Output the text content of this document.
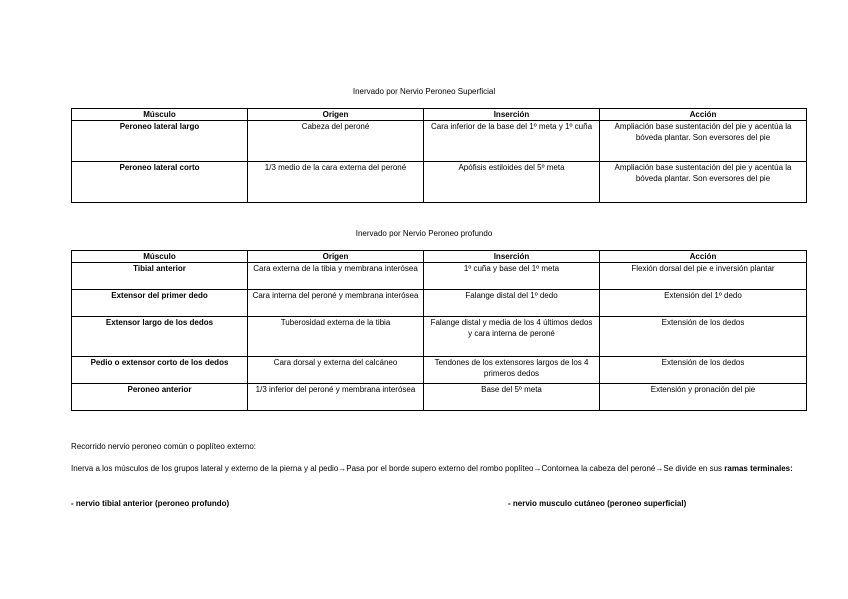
Inervado por Nervio Peroneo Superficial
Músculo	Origen	Inserción	Acción
Peroneo lateral largo	Cabeza del peroné	Cara inferior de la base del 1º meta y 1º cuña	Ampliación base sustentación del pie y acentúa la bóveda plantar. Son eversores del pie
Peroneo lateral corto	1/3 medio de la cara externa del peroné	Apófisis estiloides del 5º meta	Ampliación base sustentación del pie y acentúa la bóveda plantar. Son eversores del pie
Inervado por Nervio Peroneo profundo
Músculo	Origen	Inserción	Acción
Tibial anterior	Cara externa de la tibia y membrana interósea	1º cuña y base del 1º meta	Flexión dorsal del pie e inversión plantar
Extensor del primer dedo	Cara interna del peroné y membrana interósea	Falange distal del 1º dedo	Extensión del 1º dedo
Extensor largo de los dedos	Tuberosidad externa de la tibia	Falange distal y media de los 4 últimos dedos y cara interna de peroné	Extensión de los dedos
Pedio o extensor corto de los dedos	Cara dorsal y externa del calcáneo	Tendones de los extensores largos de los 4 primeros dedos	Extensión de los dedos
Peroneo anterior	1/3 inferior del peroné y membrana interósea	Base del 5º meta	Extensión y pronación del pie
Recorrido nervio peroneo común o poplíteo externo:
Inerva a los músculos de los grupos lateral y externo de la pierna y al pedio→Pasa por el borde supero externo del rombo poplíteo→Contornea la cabeza del peroné→Se divide en sus ramas terminales:
- nervio tibial anterior (peroneo profundo)	- nervio musculo cutáneo (peroneo superficial)
